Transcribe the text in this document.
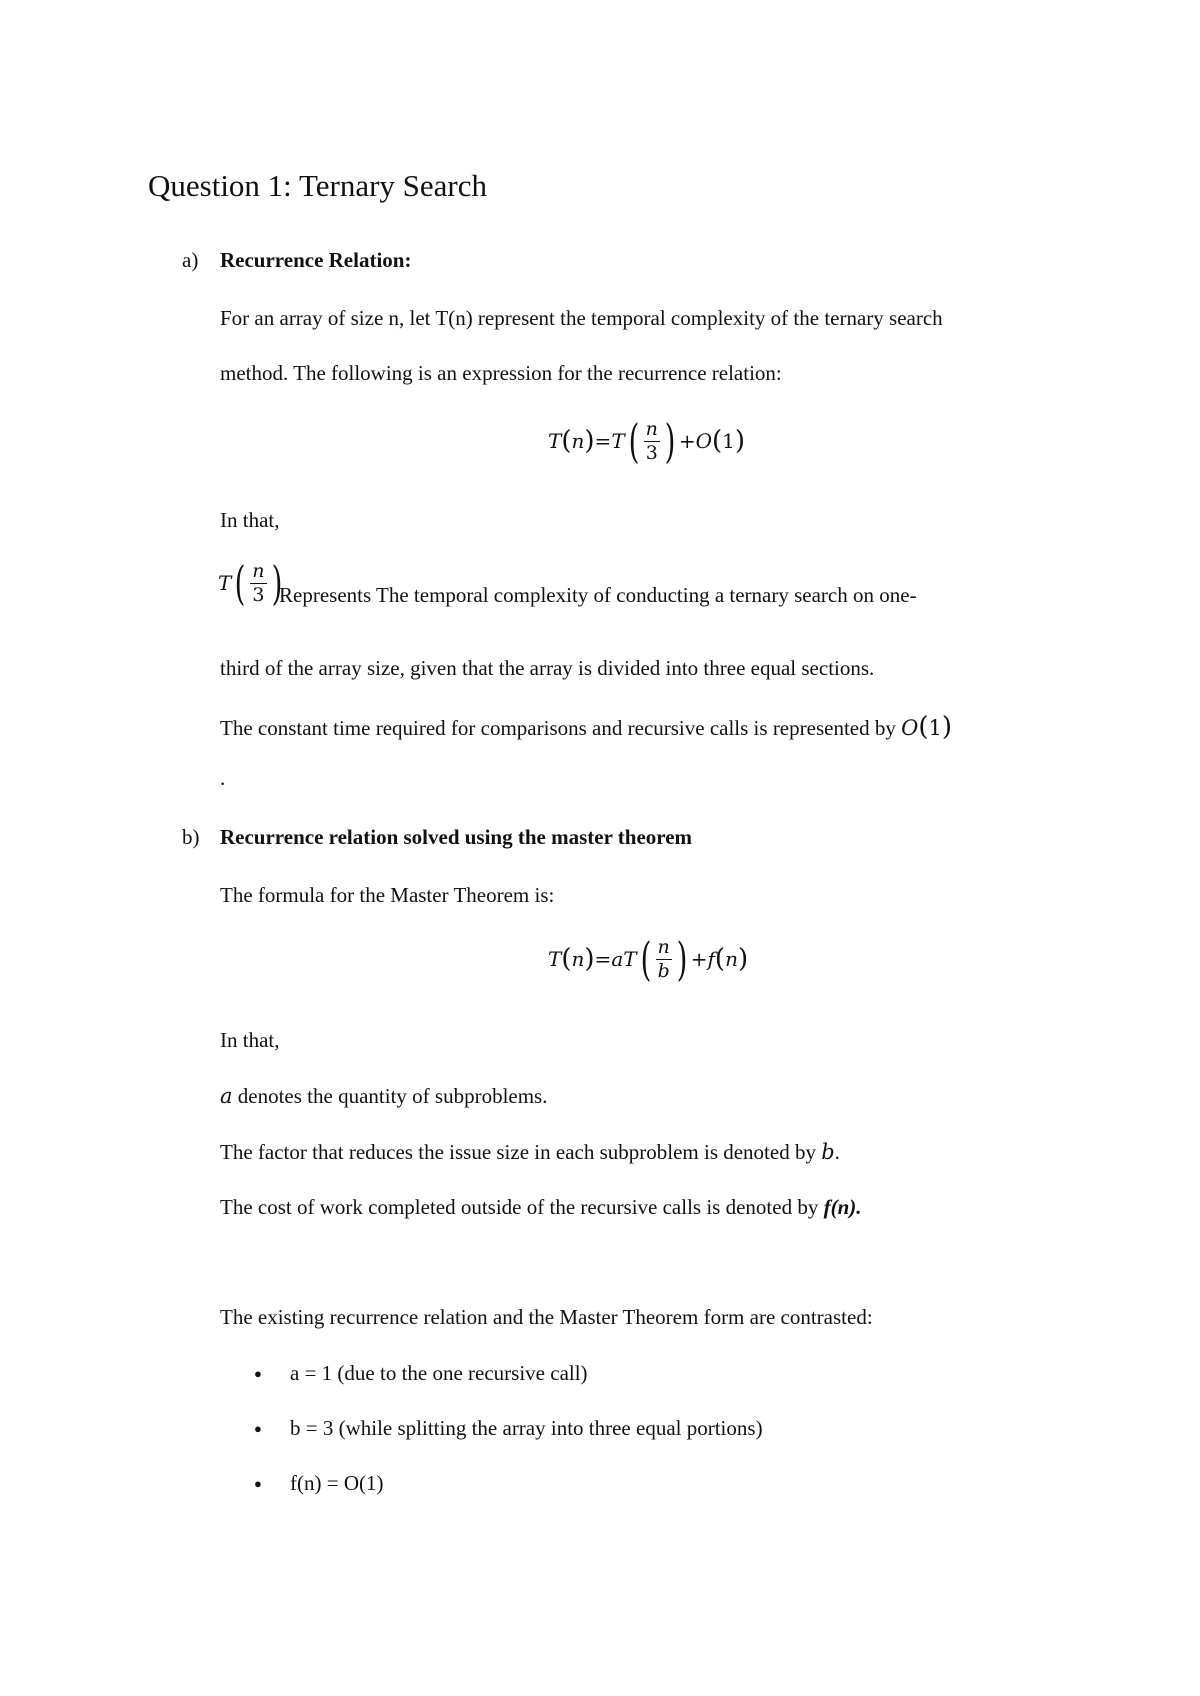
Question 1: Ternary Search
a) Recurrence Relation:
For an array of size n, let T(n) represent the temporal complexity of the ternary search
method. The following is an expression for the recurrence relation:
T ( n ) = T ( $\frac{n}{3}$ ) + O ( 1 )
In that,
T ( $\frac{n}{3}$ )
Represents The temporal complexity of conducting a ternary search on one-
third of the array size, given that the array is divided into three equal sections.
The constant time required for comparisons and recursive calls is represented by O(1)
.
b) Recurrence relation solved using the master theorem
The formula for the Master Theorem is:
T ( n ) = a T ( $\frac{n}{b}$ ) + f ( n )
In that,
a denotes the quantity of subproblems.
The factor that reduces the issue size in each subproblem is denoted by b.
The cost of work completed outside of the recursive calls is denoted by f(n).
The existing recurrence relation and the Master Theorem form are contrasted:
● a = 1 (due to the one recursive call)
● b = 3 (while splitting the array into three equal portions)
● f(n) = O(1)
